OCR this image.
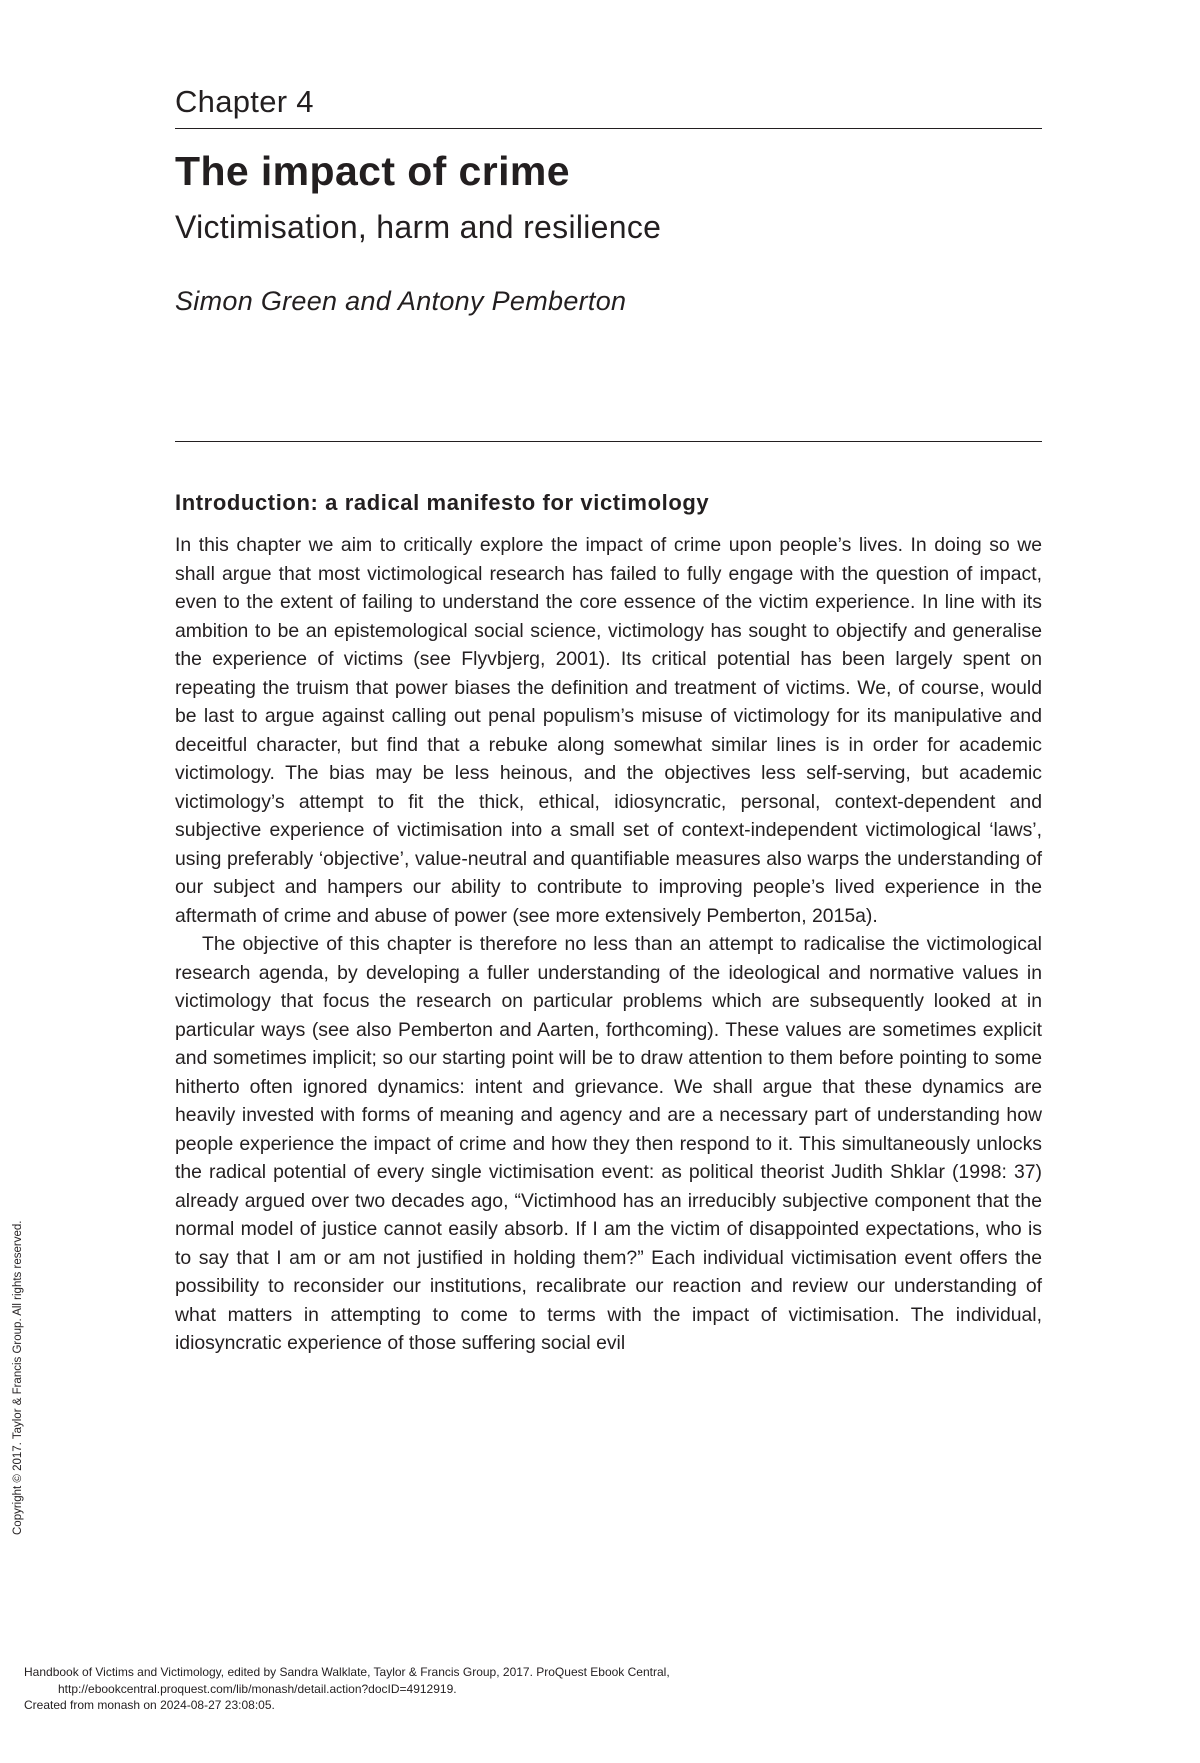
Chapter 4
The impact of crime
Victimisation, harm and resilience

Simon Green and Antony Pemberton

Introduction: a radical manifesto for victimology

In this chapter we aim to critically explore the impact of crime upon people’s lives. In doing so we shall argue that most victimological research has failed to fully engage with the question of impact, even to the extent of failing to understand the core essence of the victim experience. In line with its ambition to be an epistemological social science, victimology has sought to objectify and generalise the experience of victims (see Flyvbjerg, 2001). Its critical potential has been largely spent on repeating the truism that power biases the definition and treatment of victims. We, of course, would be last to argue against calling out penal populism’s misuse of victimology for its manipulative and deceitful character, but find that a rebuke along somewhat similar lines is in order for academic victimology. The bias may be less heinous, and the objectives less self-serving, but academic victimology’s attempt to fit the thick, ethical, idiosyncratic, personal, context-dependent and subjective experience of victimisation into a small set of context-independent victimological ‘laws’, using preferably ‘objective’, value-neutral and quantifiable measures also warps the understanding of our subject and hampers our ability to contribute to improving people’s lived experience in the aftermath of crime and abuse of power (see more extensively Pemberton, 2015a).

The objective of this chapter is therefore no less than an attempt to radicalise the victimological research agenda, by developing a fuller understanding of the ideological and normative values in victimology that focus the research on particular problems which are subsequently looked at in particular ways (see also Pemberton and Aarten, forthcoming). These values are sometimes explicit and sometimes implicit; so our starting point will be to draw attention to them before pointing to some hitherto often ignored dynamics: intent and grievance. We shall argue that these dynamics are heavily invested with forms of meaning and agency and are a necessary part of understanding how people experience the impact of crime and how they then respond to it. This simultaneously unlocks the radical potential of every single victimisation event: as political theorist Judith Shklar (1998: 37) already argued over two decades ago, “Victimhood has an irreducibly subjective component that the normal model of justice cannot easily absorb. If I am the victim of disappointed expectations, who is to say that I am or am not justified in holding them?” Each individual victimisation event offers the possibility to reconsider our institutions, recalibrate our reaction and review our understanding of what matters in attempting to come to terms with the impact of victimisation. The individual, idiosyncratic experience of those suffering social evil

Copyright © 2017. Taylor & Francis Group. All rights reserved.
Handbook of Victims and Victimology, edited by Sandra Walklate, Taylor & Francis Group, 2017. ProQuest Ebook Central,
http://ebookcentral.proquest.com/lib/monash/detail.action?docID=4912919.
Created from monash on 2024-08-27 23:08:05.
